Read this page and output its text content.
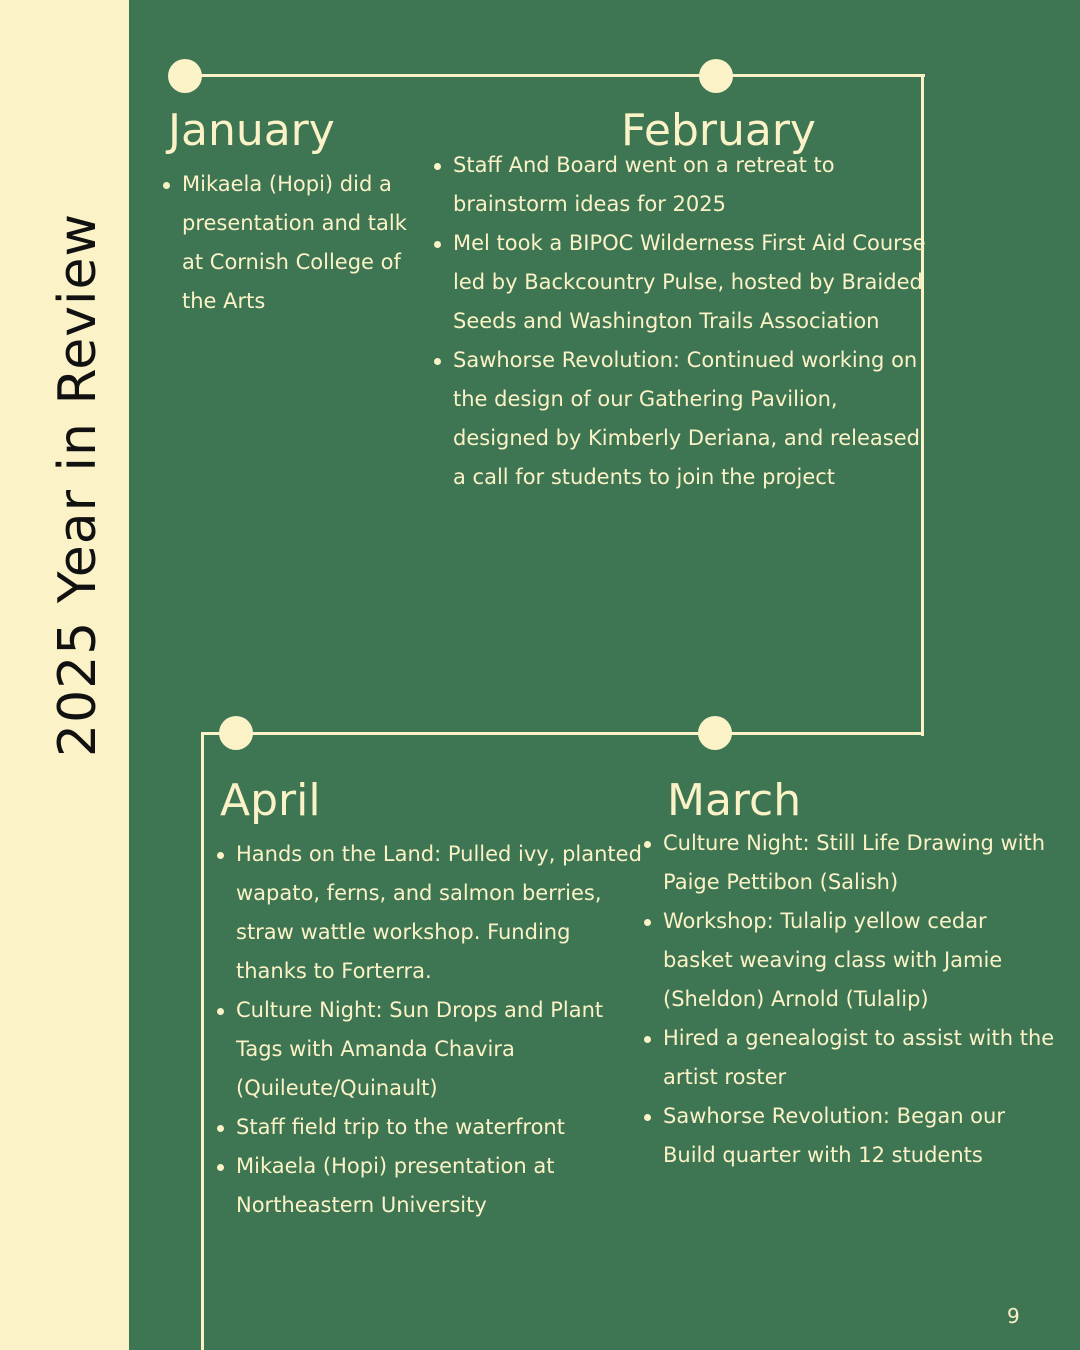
2025 Year in Review
January
Mikaela (Hopi) did a presentation and talk at Cornish College of the Arts
February
Staff And Board went on a retreat to brainstorm ideas for 2025
Mel took a BIPOC Wilderness First Aid Course led by Backcountry Pulse, hosted by Braided Seeds and Washington Trails Association
Sawhorse Revolution: Continued working on the design of our Gathering Pavilion, designed by Kimberly Deriana, and released a call for students to join the project
April
Hands on the Land: Pulled ivy, planted wapato, ferns, and salmon berries, straw wattle workshop. Funding thanks to Forterra.
Culture Night: Sun Drops and Plant Tags with Amanda Chavira (Quileute/Quinault)
Staff field trip to the waterfront
Mikaela (Hopi) presentation at Northeastern University
March
Culture Night: Still Life Drawing with Paige Pettibon (Salish)
Workshop: Tulalip yellow cedar basket weaving class with Jamie (Sheldon) Arnold (Tulalip)
Hired a genealogist to assist with the artist roster
Sawhorse Revolution: Began our Build quarter with 12 students
9
